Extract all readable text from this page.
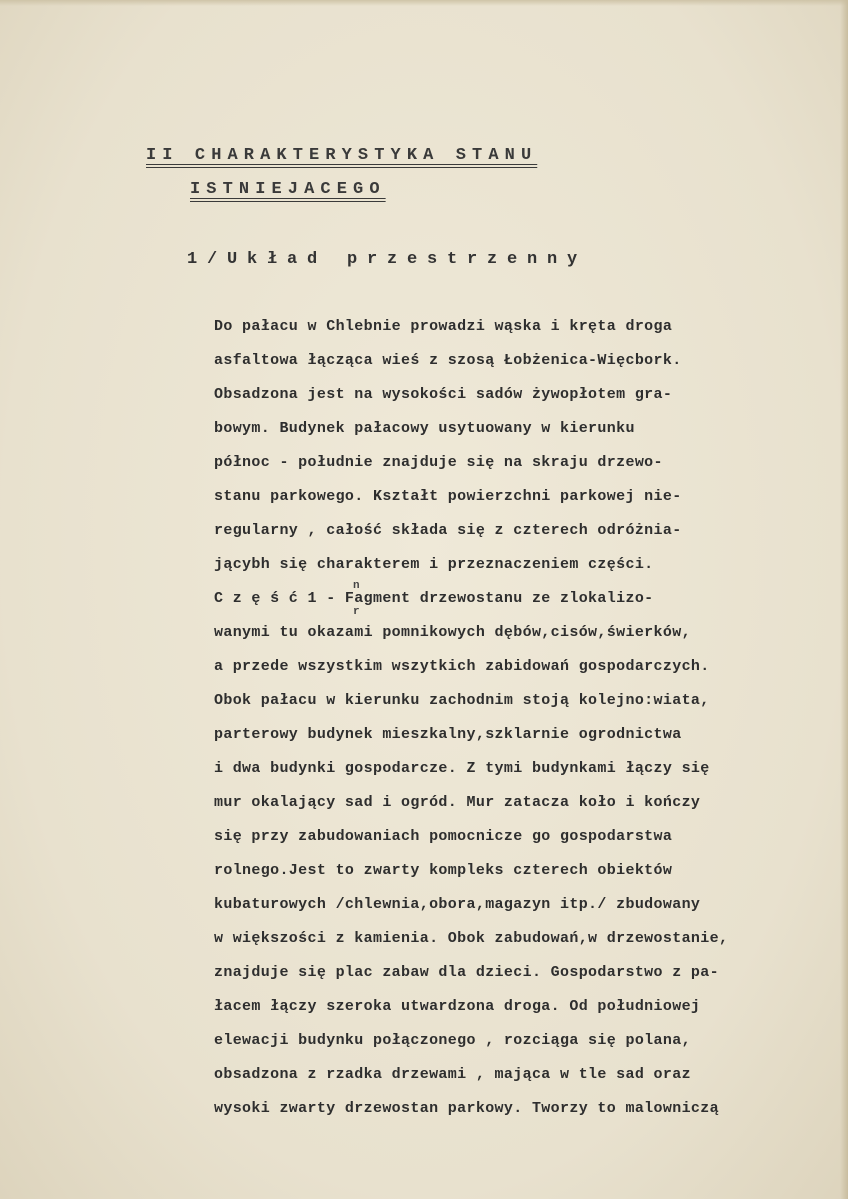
II CHARAKTERYSTYKA STANU
ISTNIEJACEGO
1/Układ przestrzenny
Do pałacu w Chlebnie prowadzi wąska i kręta droga
asfaltowa łącząca wieś z szosą Łobżenica-Więcbork.
Obsadzona jest na wysokości sadów żywopłotem gra-
bowym. Budynek pałacowy usytuowany w kierunku
północ - południe znajduje się na skraju drzewo-
stanu parkowego. Kształt powierzchni parkowej nie-
regularny , całość składa się z czterech odróżnia-
jącybh się charakterem i przeznaczeniem części.
C z ę ś ć 1 - Fagment drzewostanu ze zlokalizo-
wanymi tu okazami pomnikowych dębów,cisów,świerków,
a przede wszystkim wszytkich zabidowań gospodarczych.
Obok pałacu w kierunku zachodnim stoją kolejno:wiata,
parterowy budynek mieszkalny,szklarnie ogrodnictwa
i dwa budynki gospodarcze. Z tymi budynkami łączy się
mur okalający sad i ogród. Mur zatacza koło i kończy
się przy zabudowaniach pomocnicze go gospodarstwa
rolnego.Jest to zwarty kompleks czterech obiektów
kubaturowych /chlewnia,obora,magazyn itp./ zbudowany
w większości z kamienia. Obok zabudowań,w drzewostanie,
znajduje się plac zabaw dla dzieci. Gospodarstwo z pa-
łacem łączy szeroka utwardzona droga. Od południowej
elewacji budynku połączonego , rozciąga się polana,
obsadzona z rzadka drzewami , mająca w tle sad oraz
wysoki zwarty drzewostan parkowy. Tworzy to malowniczą
n
r
